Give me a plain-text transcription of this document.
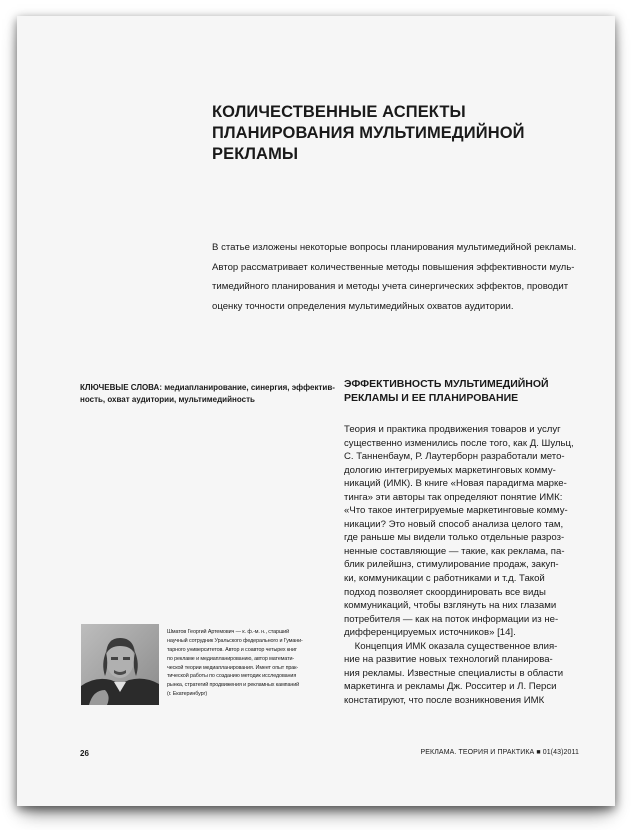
КОЛИЧЕСТВЕННЫЕ АСПЕКТЫ ПЛАНИРОВАНИЯ МУЛЬТИМЕДИЙНОЙ РЕКЛАМЫ
В статье изложены некоторые вопросы планирования мультимедийной рекламы.
Автор рассматривает количественные методы повышения эффективности муль-
тимедийного планирования и методы учета синергических эффектов, проводит
оценку точности определения мультимедийных охватов аудитории.
КЛЮЧЕВЫЕ СЛОВА: медиапланирование, синергия, эффектив-
ность, охват аудитории, мультимедийность
ЭФФЕКТИВНОСТЬ МУЛЬТИМЕДИЙНОЙ РЕКЛАМЫ И ЕЕ ПЛАНИРОВАНИЕ
Теория и практика продвижения товаров и услуг
существенно изменились после того, как Д. Шульц,
С. Танненбаум, Р. Лаутерборн разработали мето-
дологию интегрируемых маркетинговых комму-
никаций (ИМК). В книге «Новая парадигма марке-
тинга» эти авторы так определяют понятие ИМК:
«Что такое интегрируемые маркетинговые комму-
никации? Это новый способ анализа целого там,
где раньше мы видели только отдельные разроз-
ненные составляющие — такие, как реклама, па-
блик рилейшнз, стимулирование продаж, закуп-
ки, коммуникации с работниками и т.д. Такой
подход позволяет скоординировать все виды
коммуникаций, чтобы взглянуть на них глазами
потребителя — как на поток информации из не-
дифференцируемых источников» [14].
Концепция ИМК оказала существенное влия-
ние на развитие новых технологий планирова-
ния рекламы. Известные специалисты в области
маркетинга и рекламы Дж. Росситер и Л. Перси
констатируют, что после возникновения ИМК
Шматов Георгий Артемович — к. ф.-м. н., старший
научный сотрудник Уральского федерального и Гумани-
тарного университетов. Автор и соавтор четырех книг
по рекламе и медиапланированию, автор математи-
ческой теории медиапланирования. Имеет опыт прак-
тической работы по созданию методик исследования
рынка, стратегий продвижения и рекламных кампаний
(г. Екатеринбург)
26	РЕКЛАМА. ТЕОРИЯ И ПРАКТИКА ■ 01(43)2011
